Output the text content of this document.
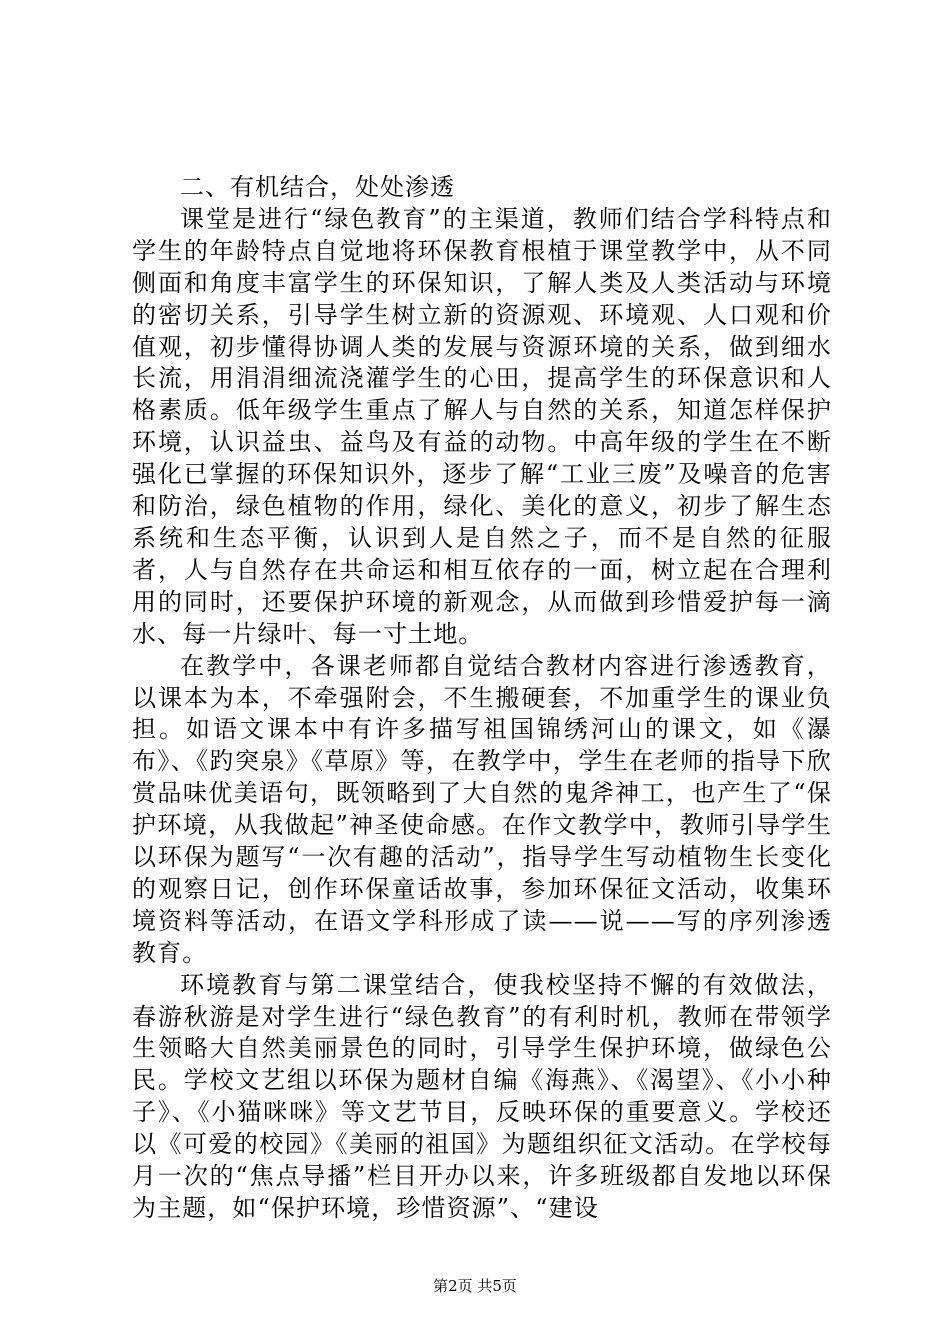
二、有机结合，处处渗透

课堂是进行“绿色教育”的主渠道，教师们结合学科特点和学生的年龄特点自觉地将环保教育根植于课堂教学中，从不同侧面和角度丰富学生的环保知识，了解人类及人类活动与环境的密切关系，引导学生树立新的资源观、环境观、人口观和价值观，初步懂得协调人类的发展与资源环境的关系，做到细水长流，用涓涓细流浇灌学生的心田，提高学生的环保意识和人格素质。低年级学生重点了解人与自然的关系，知道怎样保护环境，认识益虫、益鸟及有益的动物。中高年级的学生在不断强化已掌握的环保知识外，逐步了解“工业三废”及噪音的危害和防治，绿色植物的作用，绿化、美化的意义，初步了解生态系统和生态平衡，认识到人是自然之子，而不是自然的征服者，人与自然存在共命运和相互依存的一面，树立起在合理利用的同时，还要保护环境的新观念，从而做到珍惜爱护每一滴水、每一片绿叶、每一寸土地。

在教学中，各课老师都自觉结合教材内容进行渗透教育，以课本为本，不牵强附会，不生搬硬套，不加重学生的课业负担。如语文课本中有许多描写祖国锦绣河山的课文，如《瀑布》、《趵突泉》《草原》等，在教学中，学生在老师的指导下欣赏品味优美语句，既领略到了大自然的鬼斧神工，也产生了“保护环境，从我做起”神圣使命感。在作文教学中，教师引导学生以环保为题写“一次有趣的活动”，指导学生写动植物生长变化的观察日记，创作环保童话故事，参加环保征文活动，收集环境资料等活动，在语文学科形成了读——说——写的序列渗透教育。

环境教育与第二课堂结合，使我校坚持不懈的有效做法，春游秋游是对学生进行“绿色教育”的有利时机，教师在带领学生领略大自然美丽景色的同时，引导学生保护环境，做绿色公民。学校文艺组以环保为题材自编《海燕》、《渴望》、《小小种子》、《小猫咪咪》等文艺节目，反映环保的重要意义。学校还以《可爱的校园》《美丽的祖国》为题组织征文活动。在学校每月一次的“焦点导播”栏目开办以来，许多班级都自发地以环保为主题，如“保护环境，珍惜资源”、“建设

第2页 共5页
